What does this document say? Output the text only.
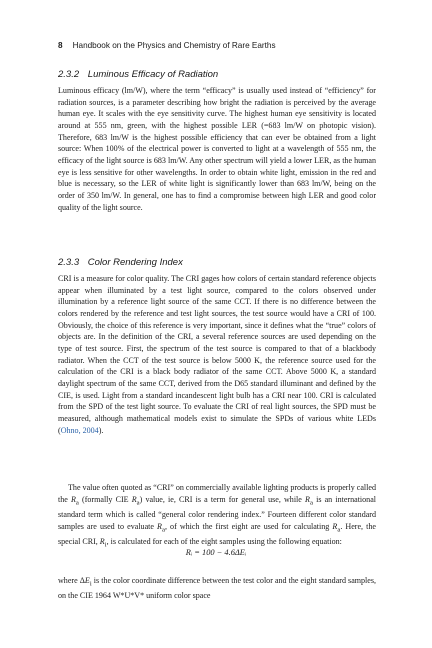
8 Handbook on the Physics and Chemistry of Rare Earths
2.3.2 Luminous Efficacy of Radiation

Luminous efficacy (lm/W), where the term “efficacy” is usually used instead of “efficiency” for radiation sources, is a parameter describing how bright the radiation is perceived by the average human eye. It scales with the eye sensitivity curve. The highest human eye sensitivity is located around at 555 nm, green, with the highest possible LER (=683 lm/W on photopic vision). Therefore, 683 lm/W is the highest possible efficiency that can ever be obtained from a light source: When 100% of the electrical power is converted to light at a wavelength of 555 nm, the efficacy of the light source is 683 lm/W. Any other spectrum will yield a lower LER, as the human eye is less sensitive for other wavelengths. In order to obtain white light, emission in the red and blue is necessary, so the LER of white light is significantly lower than 683 lm/W, being on the order of 350 lm/W. In general, one has to find a compromise between high LER and good color quality of the light source.

2.3.3 Color Rendering Index

CRI is a measure for color quality. The CRI gages how colors of certain standard reference objects appear when illuminated by a test light source, compared to the colors observed under illumination by a reference light source of the same CCT. If there is no difference between the colors rendered by the reference and test light sources, the test source would have a CRI of 100. Obviously, the choice of this reference is very important, since it defines what the “true” colors of objects are. In the definition of the CRI, a several reference sources are used depending on the type of test source. First, the spectrum of the test source is compared to that of a blackbody radiator. When the CCT of the test source is below 5000 K, the reference source used for the calculation of the CRI is a black body radiator of the same CCT. Above 5000 K, a standard daylight spectrum of the same CCT, derived from the D65 standard illuminant and defined by the CIE, is used. Light from a standard incandescent light bulb has a CRI near 100. CRI is calculated from the SPD of the test light source. To evaluate the CRI of real light sources, the SPD must be measured, although mathematical models exist to simulate the SPDs of various white LEDs (Ohno, 2004).

The value often quoted as “CRI” on commercially available lighting products is properly called the $R_a$ (formally CIE $R_a$) value, ie, CRI is a term for general use, while $R_a$ is an international standard term which is called “general color rendering index.” Fourteen different color standard samples are used to evaluate $R_a$, of which the first eight are used for calculating $R_a$. Here, the special CRI, $R_i$, is calculated for each of the eight samples using the following equation:

Rᵢ = 100 − 4.6ΔEᵢ

where $\Delta E_i$ is the color coordinate difference between the test color and the eight standard samples, on the CIE 1964 W*U*V* uniform color space
